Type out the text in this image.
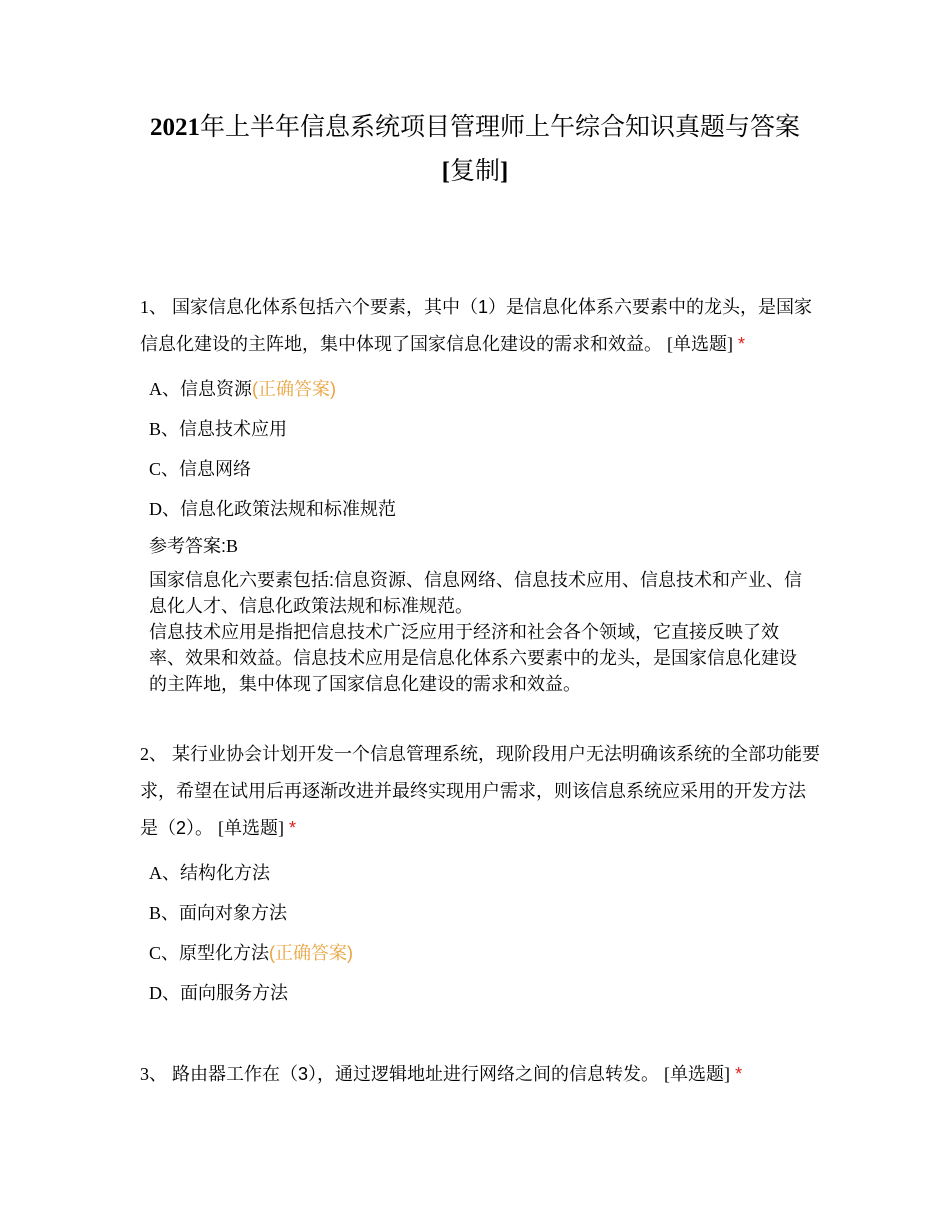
2021年上半年信息系统项目管理师上午综合知识真题与答案
[复制]

1、 国家信息化体系包括六个要素，其中（1）是信息化体系六要素中的龙头，是国家信息化建设的主阵地，集中体现了国家信息化建设的需求和效益。 [单选题] *

A、信息资源(正确答案)
B、信息技术应用
C、信息网络
D、信息化政策法规和标准规范

参考答案:B

国家信息化六要素包括:信息资源、信息网络、信息技术应用、信息技术和产业、信息化人才、信息化政策法规和标准规范。

信息技术应用是指把信息技术广泛应用于经济和社会各个领域，它直接反映了效率、效果和效益。信息技术应用是信息化体系六要素中的龙头，是国家信息化建设的主阵地，集中体现了国家信息化建设的需求和效益。

2、 某行业协会计划开发一个信息管理系统，现阶段用户无法明确该系统的全部功能要求，希望在试用后再逐渐改进并最终实现用户需求，则该信息系统应采用的开发方法是（2）。 [单选题] *

A、结构化方法
B、面向对象方法
C、原型化方法(正确答案)
D、面向服务方法

3、 路由器工作在（3），通过逻辑地址进行网络之间的信息转发。 [单选题] *
